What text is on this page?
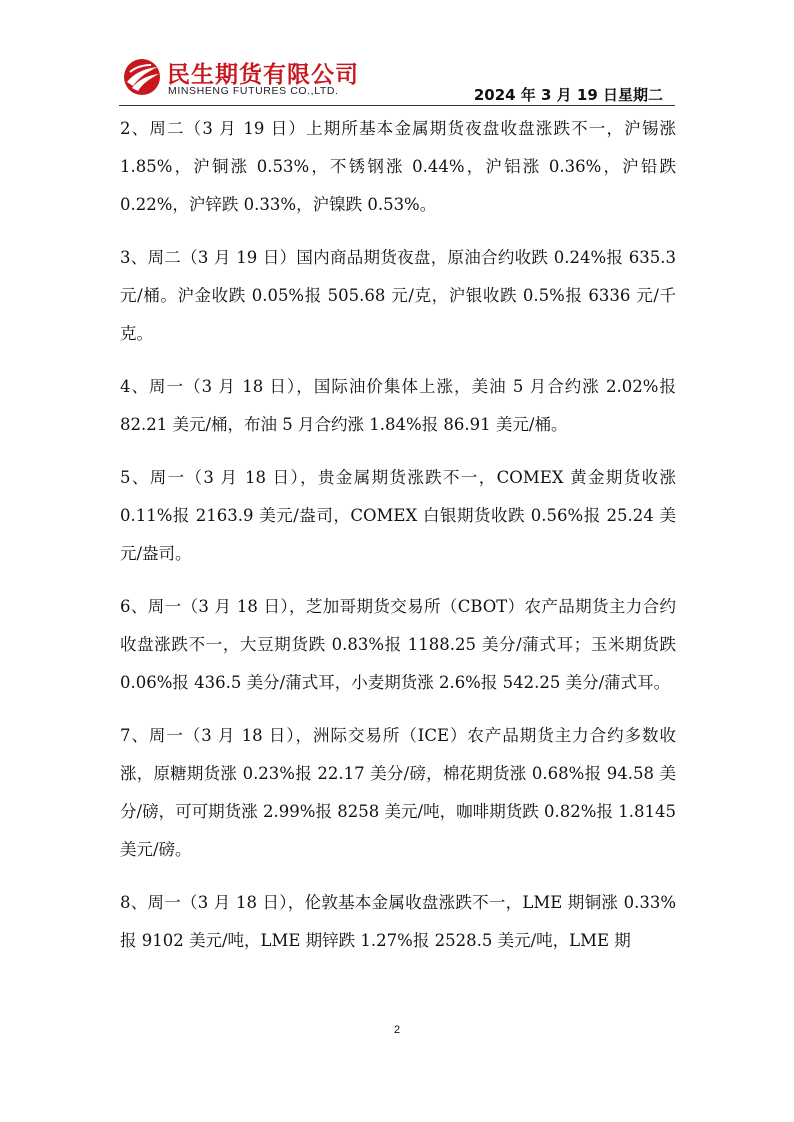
民生期货有限公司
MINSHENG FUTURES CO.,LTD.	2024 年 3 月 19 日星期二

2、周二（3 月 19 日）上期所基本金属期货夜盘收盘涨跌不一，沪锡涨 1.85%，沪铜涨 0.53%，不锈钢涨 0.44%，沪铝涨 0.36%，沪铅跌 0.22%，沪锌跌 0.33%，沪镍跌 0.53%。

3、周二（3 月 19 日）国内商品期货夜盘，原油合约收跌 0.24%报 635.3 元/桶。沪金收跌 0.05%报 505.68 元/克，沪银收跌 0.5%报 6336 元/千克。

4、周一（3 月 18 日），国际油价集体上涨，美油 5 月合约涨 2.02%报 82.21 美元/桶，布油 5 月合约涨 1.84%报 86.91 美元/桶。

5、周一（3 月 18 日），贵金属期货涨跌不一，COMEX 黄金期货收涨 0.11%报 2163.9 美元/盎司，COMEX 白银期货收跌 0.56%报 25.24 美元/盎司。

6、周一（3 月 18 日），芝加哥期货交易所（CBOT）农产品期货主力合约收盘涨跌不一，大豆期货跌 0.83%报 1188.25 美分/蒲式耳；玉米期货跌 0.06%报 436.5 美分/蒲式耳，小麦期货涨 2.6%报 542.25 美分/蒲式耳。

7、周一（3 月 18 日），洲际交易所（ICE）农产品期货主力合约多数收涨，原糖期货涨 0.23%报 22.17 美分/磅，棉花期货涨 0.68%报 94.58 美分/磅，可可期货涨 2.99%报 8258 美元/吨，咖啡期货跌 0.82%报 1.8145 美元/磅。

8、周一（3 月 18 日），伦敦基本金属收盘涨跌不一，LME 期铜涨 0.33%报 9102 美元/吨，LME 期锌跌 1.27%报 2528.5 美元/吨，LME 期

2
